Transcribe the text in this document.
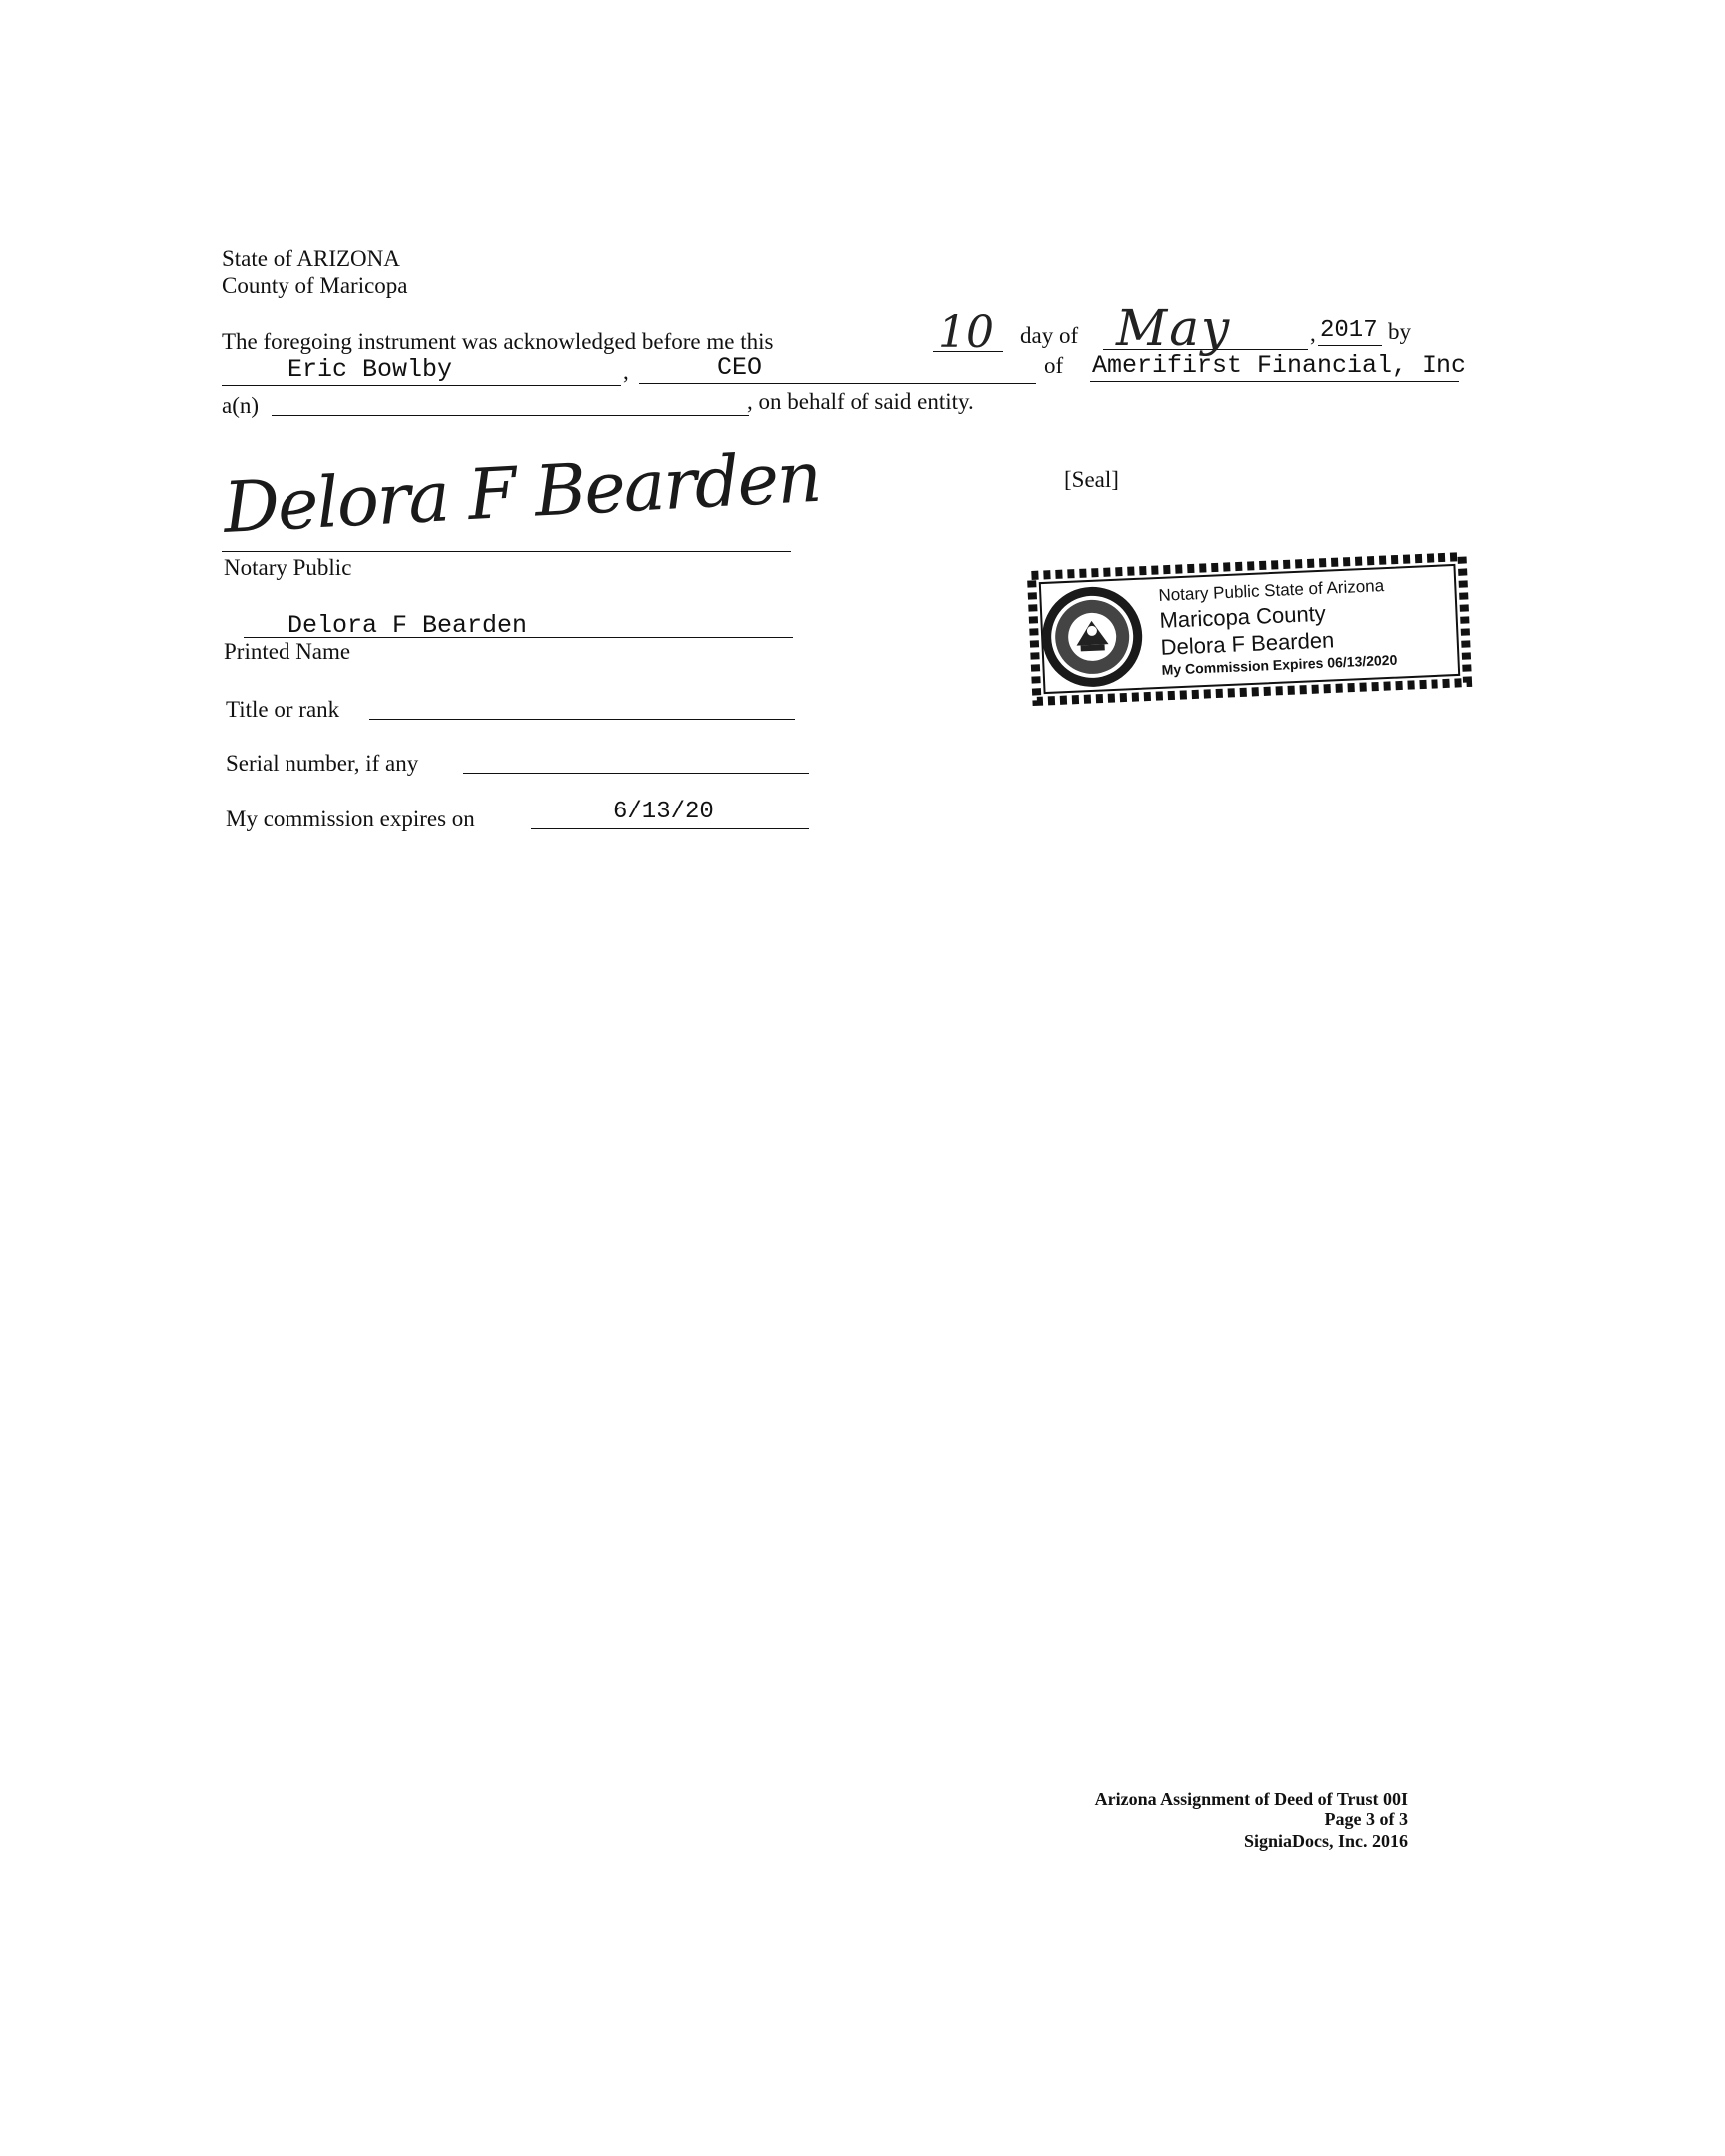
State of ARIZONA
County of Maricopa
The foregoing instrument was acknowledged before me this	10 day of May	, 2017 by
Eric Bowlby	,	CEO	of Amerifirst Financial, Inc
a(n)	, on behalf of said entity.
[Seal]
Delora F Bearden
Notary Public
Delora F Bearden
Printed Name
Title or rank
Serial number, if any
My commission expires on	6/13/20
Notary Public State of Arizona
Maricopa County
Delora F Bearden
My Commission Expires 06/13/2020
Arizona Assignment of Deed of Trust 00I
Page 3 of 3
SigniaDocs, Inc. 2016
